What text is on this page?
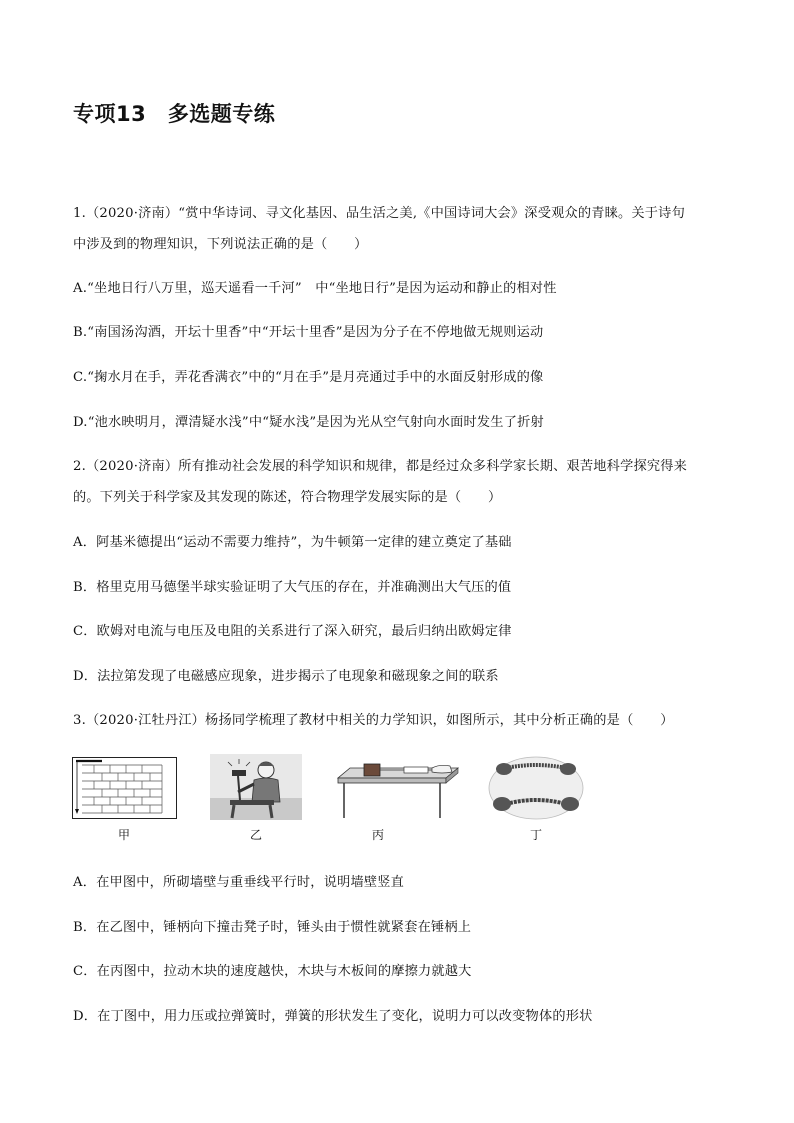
专项13　多选题专练
1.（2020·济南）“赏中华诗词、寻文化基因、品生活之美,《中国诗词大会》深受观众的青睐。关于诗句
中涉及到的物理知识，下列说法正确的是（　　）
A.“坐地日行八万里，巡天遥看一千河”　中“坐地日行”是因为运动和静止的相对性
B.“南国汤沟酒，开坛十里香”中“开坛十里香”是因为分子在不停地做无规则运动
C.“掬水月在手，弄花香满衣”中的“月在手”是月亮通过手中的水面反射形成的像
D.“池水映明月，潭清疑水浅”中“疑水浅”是因为光从空气射向水面时发生了折射
2.（2020·济南）所有推动社会发展的科学知识和规律，都是经过众多科学家长期、艰苦地科学探究得来
的。下列关于科学家及其发现的陈述，符合物理学发展实际的是（　　）
A．阿基米德提出“运动不需要力维持”，为牛顿第一定律的建立奠定了基础
B．格里克用马德堡半球实验证明了大气压的存在，并准确测出大气压的值
C．欧姆对电流与电压及电阻的关系进行了深入研究，最后归纳出欧姆定律
D．法拉第发现了电磁感应现象，进步揭示了电现象和磁现象之间的联系
3.（2020·江牡丹江）杨扬同学梳理了教材中相关的力学知识，如图所示，其中分析正确的是（　　）
甲	乙	丙	丁
A．在甲图中，所砌墙壁与重垂线平行时，说明墙壁竖直
B．在乙图中，锤柄向下撞击凳子时，锤头由于惯性就紧套在锤柄上
C．在丙图中，拉动木块的速度越快，木块与木板间的摩擦力就越大
D．在丁图中，用力压或拉弹簧时，弹簧的形状发生了变化，说明力可以改变物体的形状
